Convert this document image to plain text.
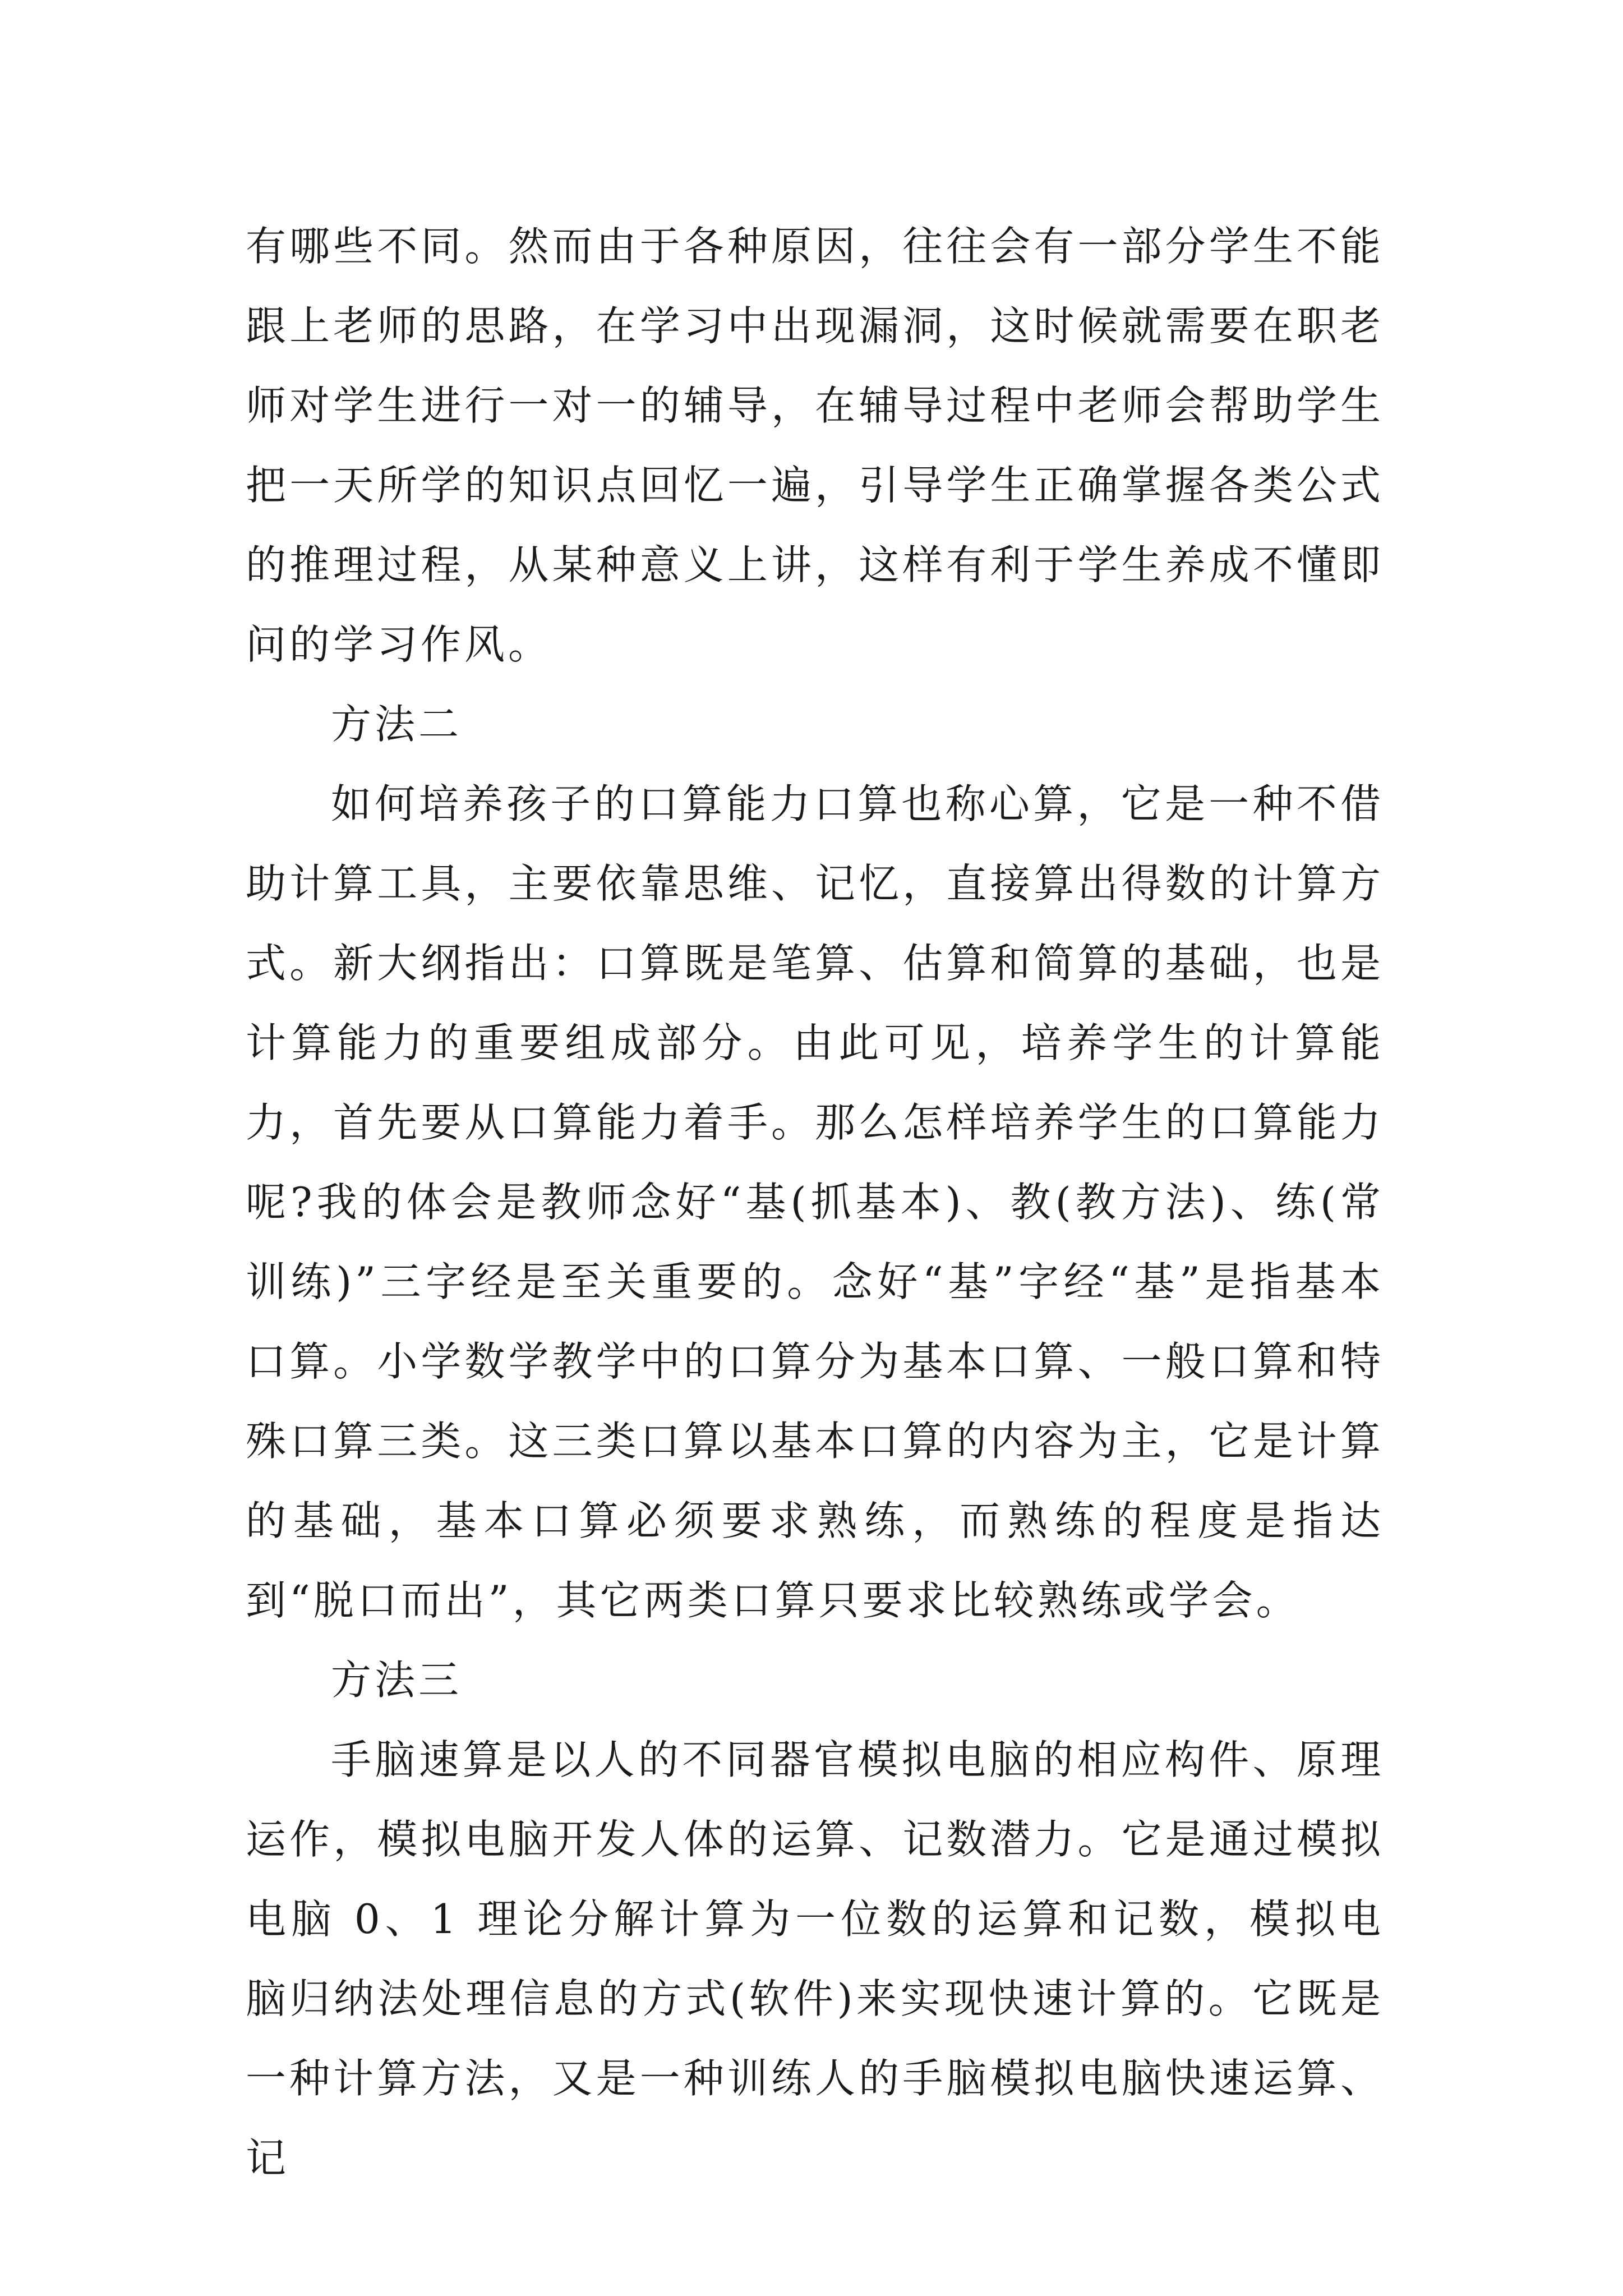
有哪些不同。然而由于各种原因，往往会有一部分学生不能跟上老师的思路，在学习中出现漏洞，这时候就需要在职老师对学生进行一对一的辅导，在辅导过程中老师会帮助学生把一天所学的知识点回忆一遍，引导学生正确掌握各类公式的推理过程，从某种意义上讲，这样有利于学生养成不懂即问的学习作风。

方法二

如何培养孩子的口算能力口算也称心算，它是一种不借助计算工具，主要依靠思维、记忆，直接算出得数的计算方式。新大纲指出：口算既是笔算、估算和简算的基础，也是计算能力的重要组成部分。由此可见，培养学生的计算能力，首先要从口算能力着手。那么怎样培养学生的口算能力呢?我的体会是教师念好“基(抓基本)、教(教方法)、练(常训练)”三字经是至关重要的。念好“基”字经“基”是指基本口算。小学数学教学中的口算分为基本口算、一般口算和特殊口算三类。这三类口算以基本口算的内容为主，它是计算的基础，基本口算必须要求熟练，而熟练的程度是指达到“脱口而出”，其它两类口算只要求比较熟练或学会。

方法三

手脑速算是以人的不同器官模拟电脑的相应构件、原理运作，模拟电脑开发人体的运算、记数潜力。它是通过模拟电脑 0、1 理论分解计算为一位数的运算和记数，模拟电脑归纳法处理信息的方式(软件)来实现快速计算的。它既是一种计算方法，又是一种训练人的手脑模拟电脑快速运算、记
